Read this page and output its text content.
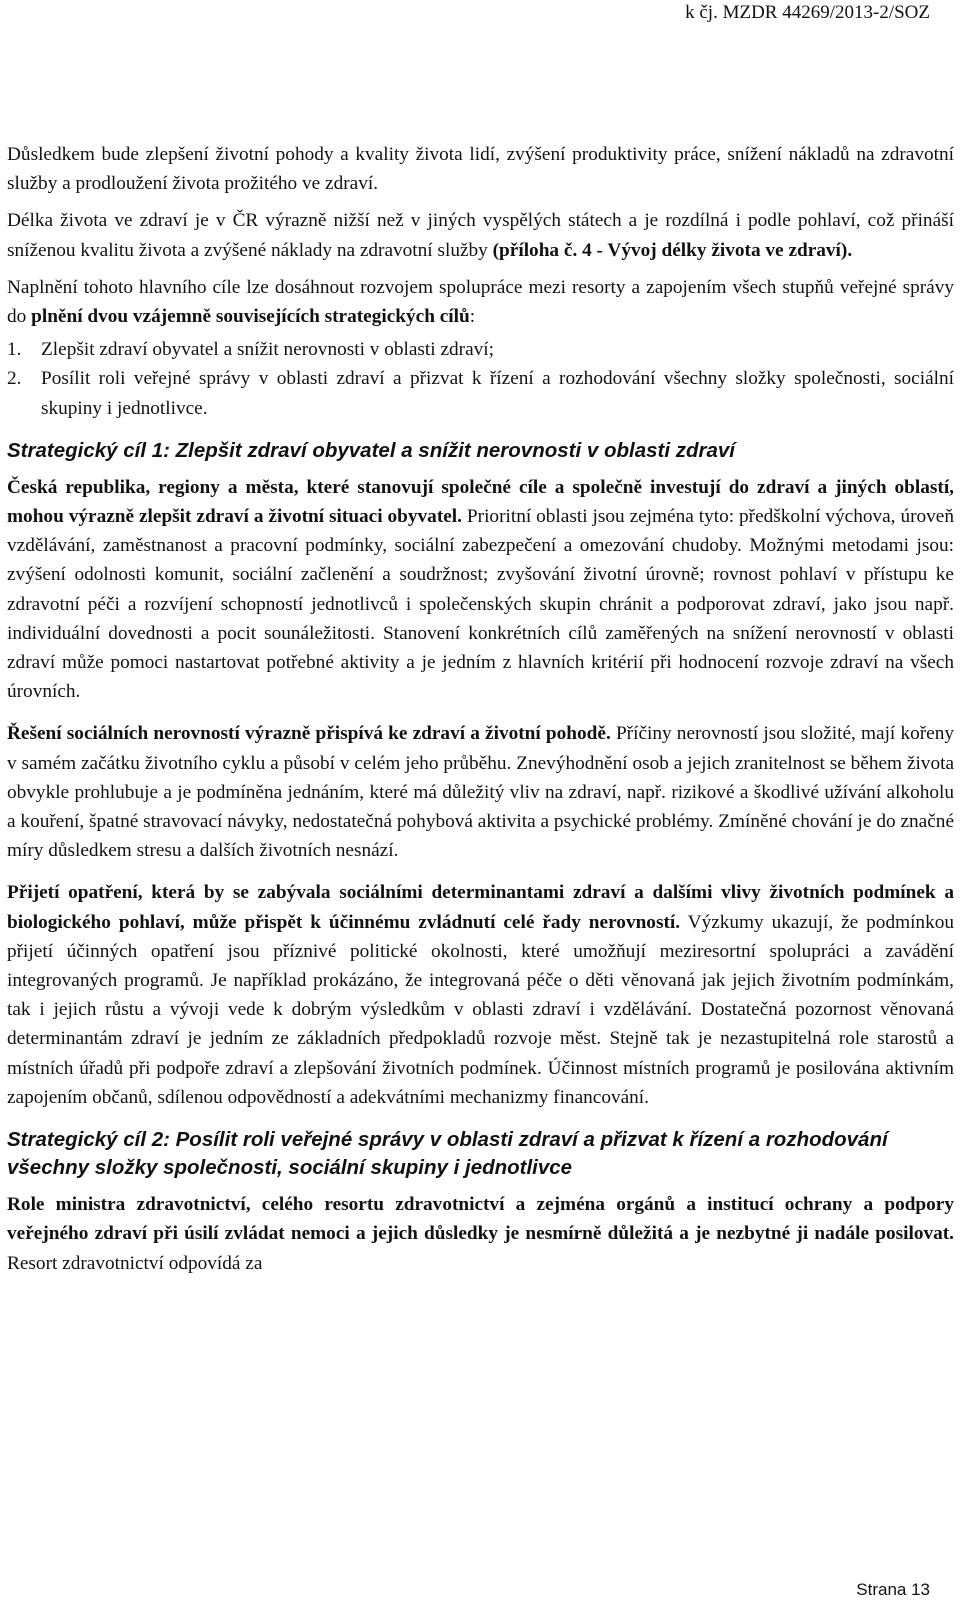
k čj. MZDR 44269/2013-2/SOZ

Důsledkem bude zlepšení životní pohody a kvality života lidí, zvýšení produktivity práce, snížení nákladů na zdravotní služby a prodloužení života prožitého ve zdraví.

Délka života ve zdraví je v ČR výrazně nižší než v jiných vyspělých státech a je rozdílná i podle pohlaví, což přináší sníženou kvalitu života a zvýšené náklady na zdravotní služby (příloha č. 4 - Vývoj délky života ve zdraví).

Naplnění tohoto hlavního cíle lze dosáhnout rozvojem spolupráce mezi resorty a zapojením všech stupňů veřejné správy do plnění dvou vzájemně souvisejících strategických cílů:

1.	Zlepšit zdraví obyvatel a snížit nerovnosti v oblasti zdraví;
2.	Posílit roli veřejné správy v oblasti zdraví a přizvat k řízení a rozhodování všechny složky společnosti, sociální skupiny i jednotlivce.
Strategický cíl 1: Zlepšit zdraví obyvatel a snížit nerovnosti v oblasti zdraví

Česká republika, regiony a města, které stanovují společné cíle a společně investují do zdraví a jiných oblastí, mohou výrazně zlepšit zdraví a životní situaci obyvatel. Prioritní oblasti jsou zejména tyto: předškolní výchova, úroveň vzdělávání, zaměstnanost a pracovní podmínky, sociální zabezpečení a omezování chudoby. Možnými metodami jsou: zvýšení odolnosti komunit, sociální začlenění a soudržnost; zvyšování životní úrovně; rovnost pohlaví v přístupu ke zdravotní péči a rozvíjení schopností jednotlivců i společenských skupin chránit a podporovat zdraví, jako jsou např. individuální dovednosti a pocit sounáležitosti. Stanovení konkrétních cílů zaměřených na snížení nerovností v oblasti zdraví může pomoci nastartovat potřebné aktivity a je jedním z hlavních kritérií při hodnocení rozvoje zdraví na všech úrovních.

Řešení sociálních nerovností výrazně přispívá ke zdraví a životní pohodě. Příčiny nerovností jsou složité, mají kořeny v samém začátku životního cyklu a působí v celém jeho průběhu. Znevýhodnění osob a jejich zranitelnost se během života obvykle prohlubuje a je podmíněna jednáním, které má důležitý vliv na zdraví, např. rizikové a škodlivé užívání alkoholu a kouření, špatné stravovací návyky, nedostatečná pohybová aktivita a psychické problémy. Zmíněné chování je do značné míry důsledkem stresu a dalších životních nesnází.

Přijetí opatření, která by se zabývala sociálními determinantami zdraví a dalšími vlivy životních podmínek a biologického pohlaví, může přispět k účinnému zvládnutí celé řady nerovností. Výzkumy ukazují, že podmínkou přijetí účinných opatření jsou příznivé politické okolnosti, které umožňují meziresortní spolupráci a zavádění integrovaných programů. Je například prokázáno, že integrovaná péče o děti věnovaná jak jejich životním podmínkám, tak i jejich růstu a vývoji vede k dobrým výsledkům v oblasti zdraví i vzdělávání. Dostatečná pozornost věnovaná determinantám zdraví je jedním ze základních předpokladů rozvoje měst. Stejně tak je nezastupitelná role starostů a místních úřadů při podpoře zdraví a zlepšování životních podmínek. Účinnost místních programů je posilována aktivním zapojením občanů, sdílenou odpovědností a adekvátními mechanizmy financování.

Strategický cíl 2: Posílit roli veřejné správy v oblasti zdraví a přizvat k řízení a rozhodování všechny složky společnosti, sociální skupiny i jednotlivce

Role ministra zdravotnictví, celého resortu zdravotnictví a zejména orgánů a institucí ochrany a podpory veřejného zdraví při úsilí zvládat nemoci a jejich důsledky je nesmírně důležitá a je nezbytné ji nadále posilovat. Resort zdravotnictví odpovídá za

Strana 13
